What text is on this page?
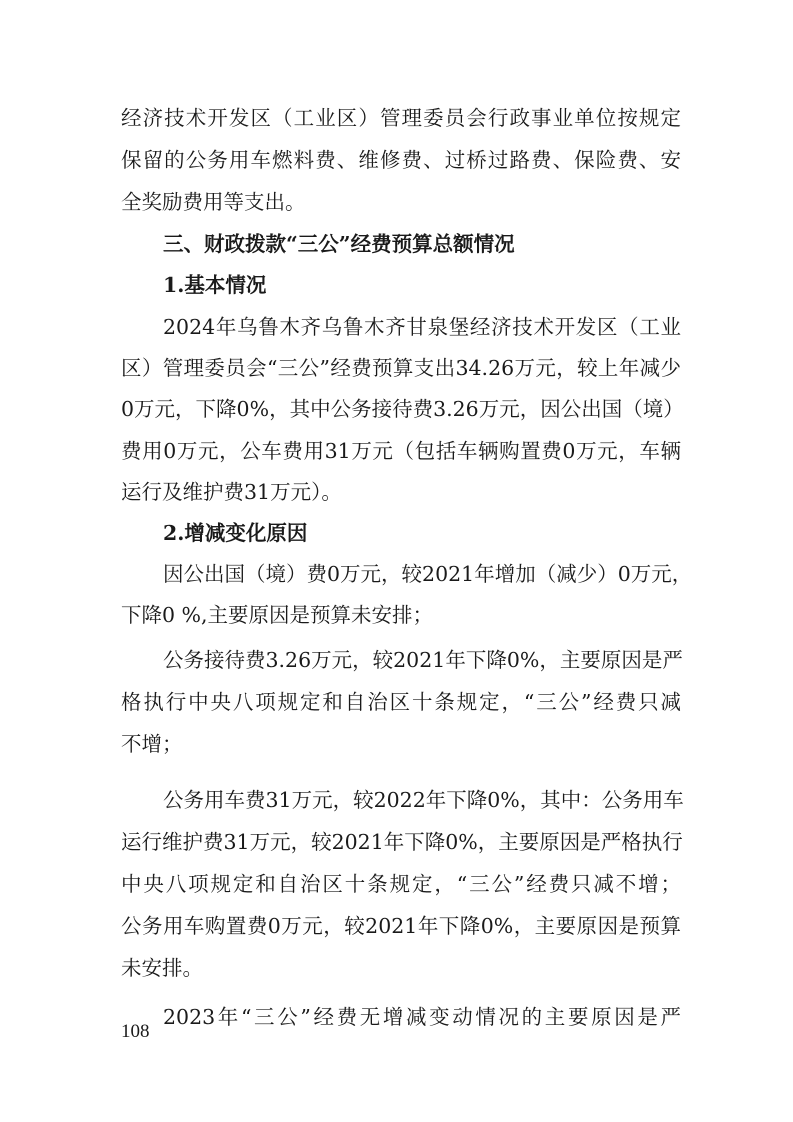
经济技术开发区（工业区）管理委员会行政事业单位按规定
保留的公务用车燃料费、维修费、过桥过路费、保险费、安
全奖励费用等支出。
三、财政拨款“三公”经费预算总额情况
1.基本情况
2024年乌鲁木齐乌鲁木齐甘泉堡经济技术开发区（工业
区）管理委员会“三公”经费预算支出34.26万元，较上年减少
0万元，下降0%，其中公务接待费3.26万元，因公出国（境）
费用0万元，公车费用31万元（包括车辆购置费0万元，车辆
运行及维护费31万元）。
2.增减变化原因
因公出国（境）费0万元，较2021年增加（减少）0万元，
下降0 %,主要原因是预算未安排；
公务接待费3.26万元，较2021年下降0%，主要原因是严
格执行中央八项规定和自治区十条规定，“三公”经费只减
不增；
公务用车费31万元，较2022年下降0%，其中：公务用车
运行维护费31万元，较2021年下降0%，主要原因是严格执行
中央八项规定和自治区十条规定，“三公”经费只减不增；
公务用车购置费0万元，较2021年下降0%，主要原因是预算
未安排。
2023年“三公”经费无增减变动情况的主要原因是严
108
